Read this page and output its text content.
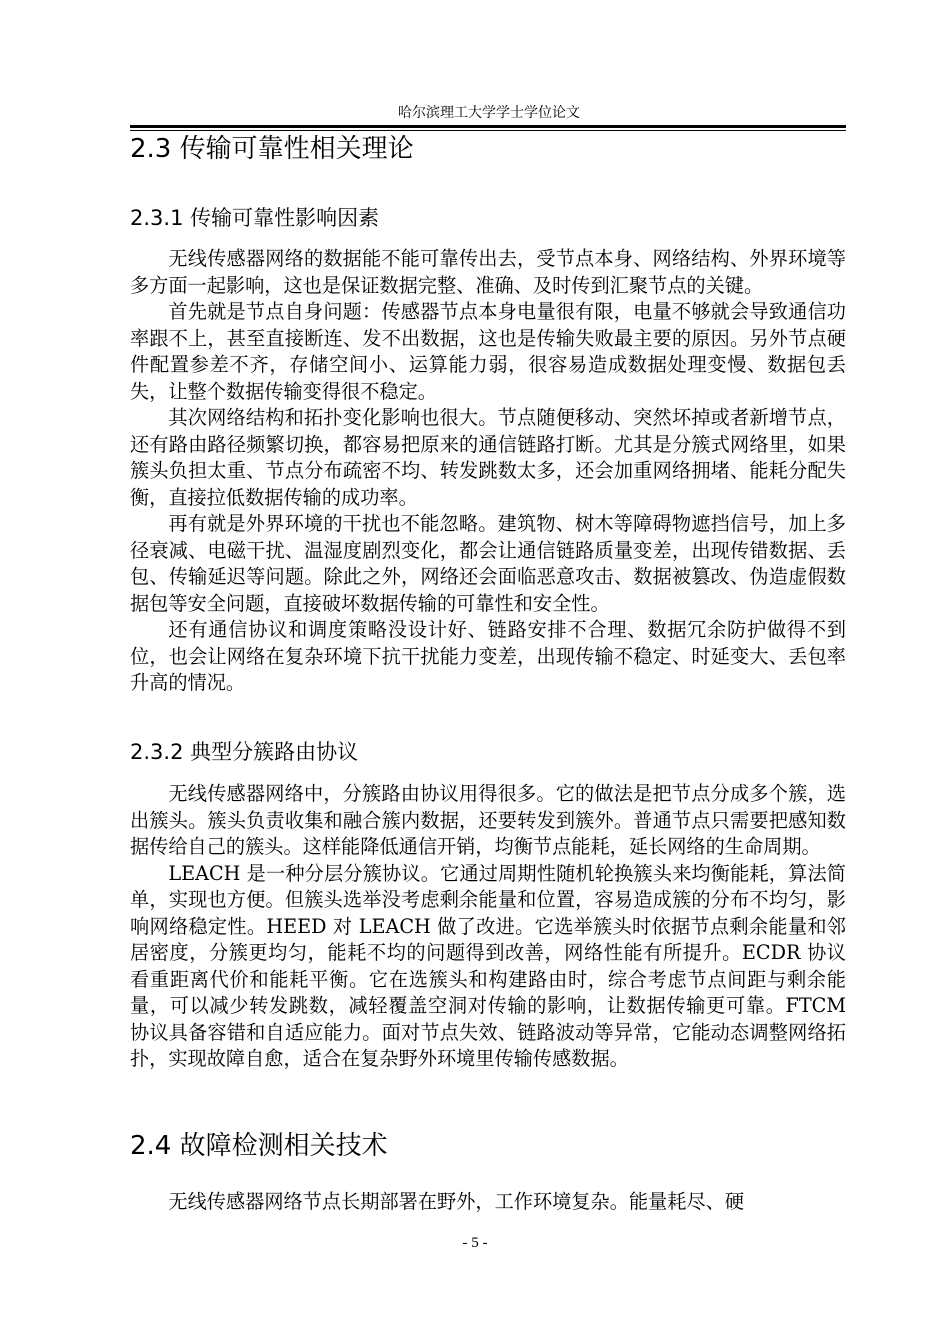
哈尔滨理工大学学士学位论文
2.3 传输可靠性相关理论
2.3.1 传输可靠性影响因素

无线传感器网络的数据能不能可靠传出去，受节点本身、网络结构、外界环境等多方面一起影响，这也是保证数据完整、准确、及时传到汇聚节点的关键。

首先就是节点自身问题：传感器节点本身电量很有限，电量不够就会导致通信功率跟不上，甚至直接断连、发不出数据，这也是传输失败最主要的原因。另外节点硬件配置参差不齐，存储空间小、运算能力弱，很容易造成数据处理变慢、数据包丢失，让整个数据传输变得很不稳定。

其次网络结构和拓扑变化影响也很大。节点随便移动、突然坏掉或者新增节点，还有路由路径频繁切换，都容易把原来的通信链路打断。尤其是分簇式网络里，如果簇头负担太重、节点分布疏密不均、转发跳数太多，还会加重网络拥堵、能耗分配失衡，直接拉低数据传输的成功率。

再有就是外界环境的干扰也不能忽略。建筑物、树木等障碍物遮挡信号，加上多径衰减、电磁干扰、温湿度剧烈变化，都会让通信链路质量变差，出现传错数据、丢包、传输延迟等问题。除此之外，网络还会面临恶意攻击、数据被篡改、伪造虚假数据包等安全问题，直接破坏数据传输的可靠性和安全性。

还有通信协议和调度策略没设计好、链路安排不合理、数据冗余防护做得不到位，也会让网络在复杂环境下抗干扰能力变差，出现传输不稳定、时延变大、丢包率升高的情况。

2.3.2 典型分簇路由协议

无线传感器网络中，分簇路由协议用得很多。它的做法是把节点分成多个簇，选出簇头。簇头负责收集和融合簇内数据，还要转发到簇外。普通节点只需要把感知数据传给自己的簇头。这样能降低通信开销，均衡节点能耗，延长网络的生命周期。

LEACH 是一种分层分簇协议。它通过周期性随机轮换簇头来均衡能耗，算法简单，实现也方便。但簇头选举没考虑剩余能量和位置，容易造成簇的分布不均匀，影响网络稳定性。HEED 对 LEACH 做了改进。它选举簇头时依据节点剩余能量和邻居密度，分簇更均匀，能耗不均的问题得到改善，网络性能有所提升。ECDR 协议看重距离代价和能耗平衡。它在选簇头和构建路由时，综合考虑节点间距与剩余能量，可以减少转发跳数，减轻覆盖空洞对传输的影响，让数据传输更可靠。FTCM 协议具备容错和自适应能力。面对节点失效、链路波动等异常，它能动态调整网络拓扑，实现故障自愈，适合在复杂野外环境里传输传感数据。

2.4 故障检测相关技术

无线传感器网络节点长期部署在野外，工作环境复杂。能量耗尽、硬

- 5 -
